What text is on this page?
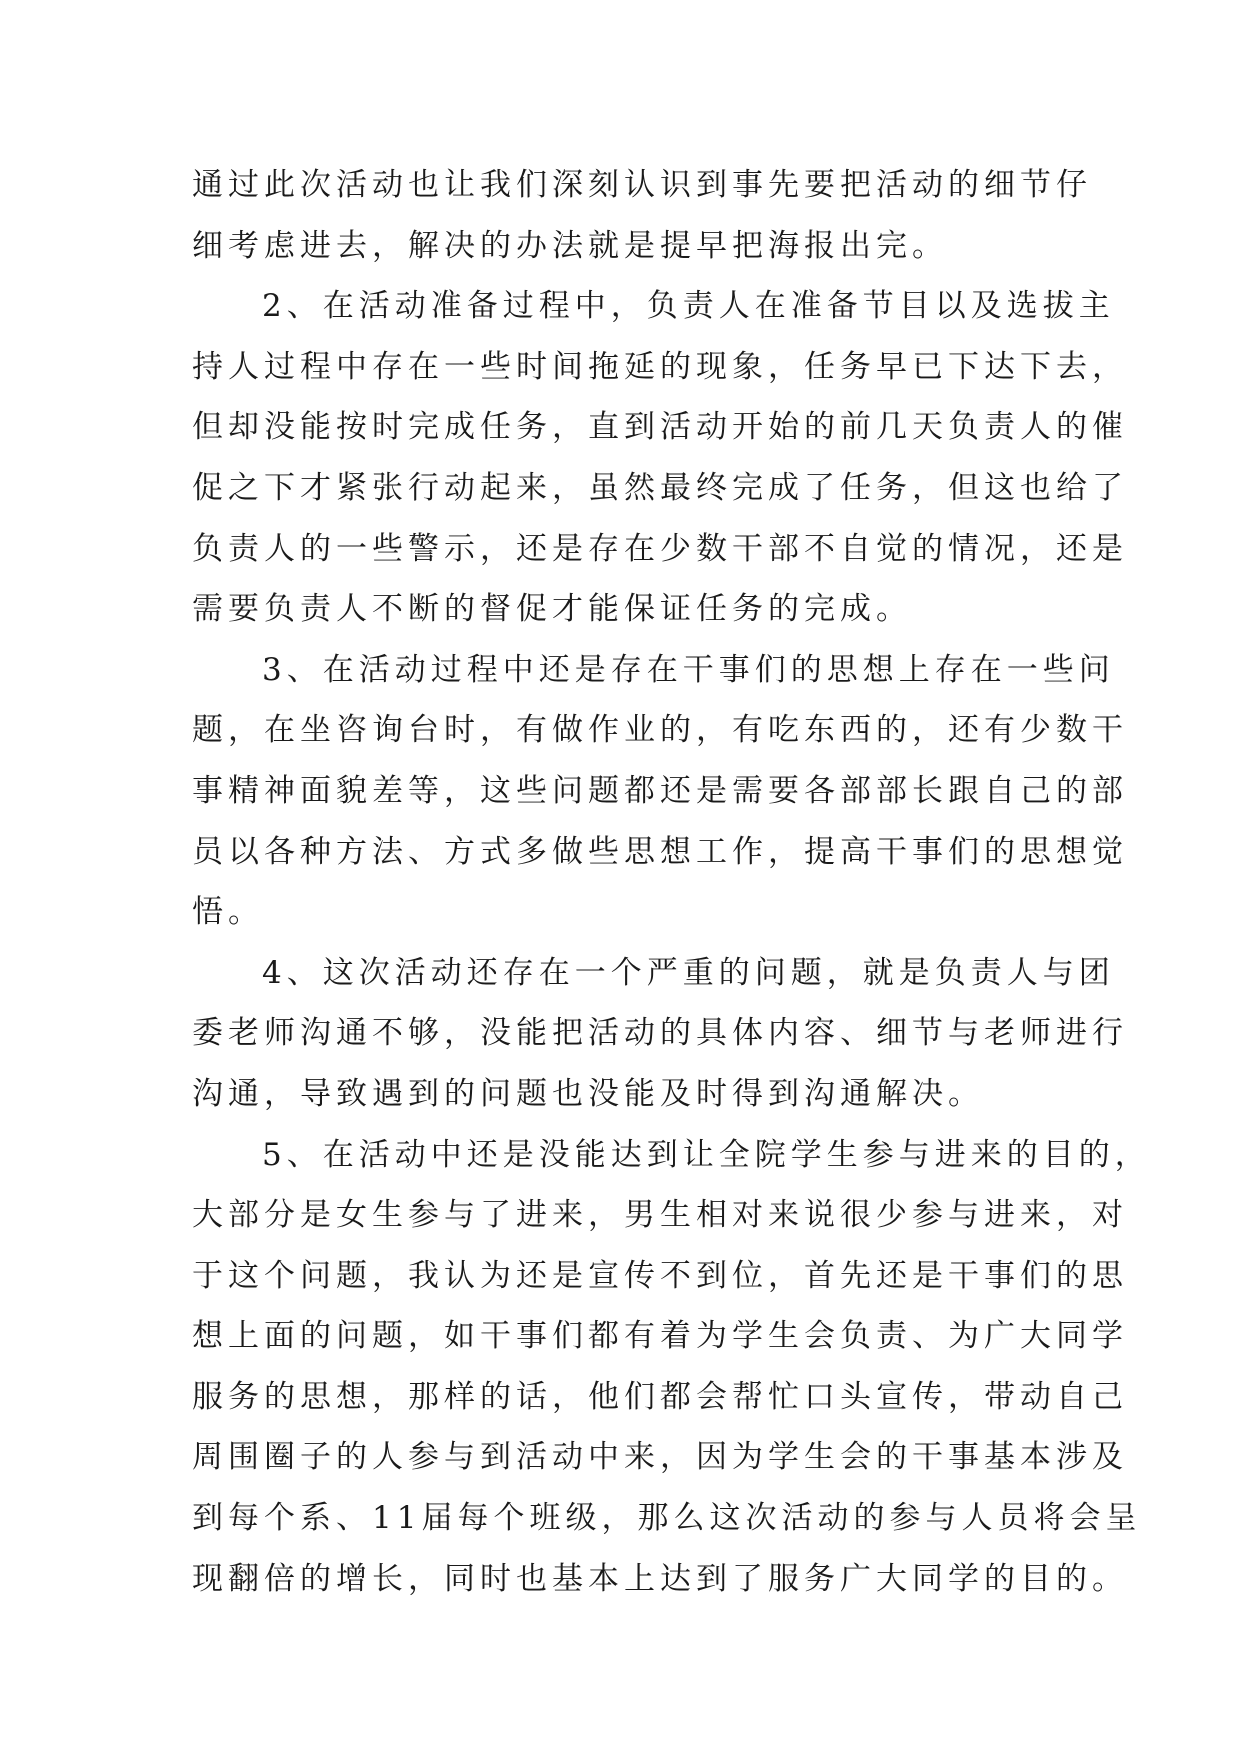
通过此次活动也让我们深刻认识到事先要把活动的细节仔
细考虑进去，解决的办法就是提早把海报出完。
2、在活动准备过程中，负责人在准备节目以及选拔主
持人过程中存在一些时间拖延的现象，任务早已下达下去，
但却没能按时完成任务，直到活动开始的前几天负责人的催
促之下才紧张行动起来，虽然最终完成了任务，但这也给了
负责人的一些警示，还是存在少数干部不自觉的情况，还是
需要负责人不断的督促才能保证任务的完成。
3、在活动过程中还是存在干事们的思想上存在一些问
题，在坐咨询台时，有做作业的，有吃东西的，还有少数干
事精神面貌差等，这些问题都还是需要各部部长跟自己的部
员以各种方法、方式多做些思想工作，提高干事们的思想觉
悟。
4、这次活动还存在一个严重的问题，就是负责人与团
委老师沟通不够，没能把活动的具体内容、细节与老师进行
沟通，导致遇到的问题也没能及时得到沟通解决。
5、在活动中还是没能达到让全院学生参与进来的目的，
大部分是女生参与了进来，男生相对来说很少参与进来，对
于这个问题，我认为还是宣传不到位，首先还是干事们的思
想上面的问题，如干事们都有着为学生会负责、为广大同学
服务的思想，那样的话，他们都会帮忙口头宣传，带动自己
周围圈子的人参与到活动中来，因为学生会的干事基本涉及
到每个系、11届每个班级，那么这次活动的参与人员将会呈
现翻倍的增长，同时也基本上达到了服务广大同学的目的。
